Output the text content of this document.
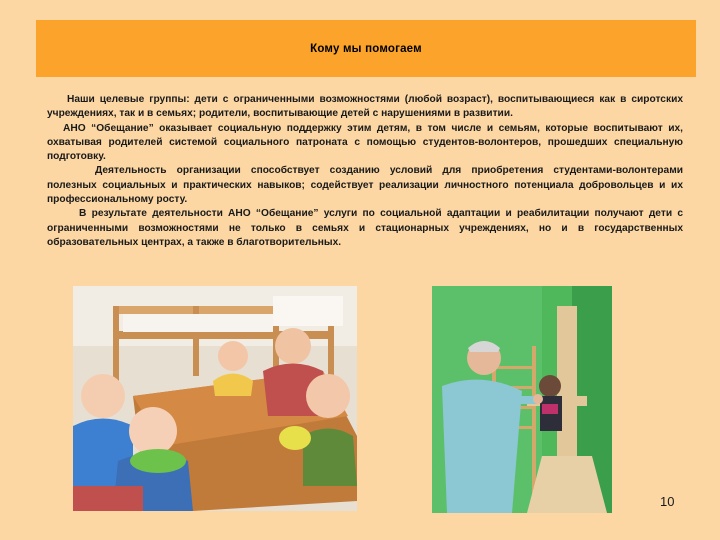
Кому мы помогаем

Наши целевые группы: дети с ограниченными возможностями (любой возраст), воспитывающиеся как в сиротских учреждениях, так и в семьях; родители, воспитывающие детей с нарушениями в развитии.

АНО “Обещание” оказывает социальную поддержку этим детям, в том числе и семьям, которые воспитывают их, охватывая родителей системой социального патроната с помощью студентов-волонтеров, прошедших специальную подготовку.

Деятельность организации способствует созданию условий для приобретения студентами-волонтерами полезных социальных и практических навыков; содействует реализации личностного потенциала добровольцев и их профессиональному росту.

В результате деятельности АНО “Обещание” услуги по социальной адаптации и реабилитации получают дети с ограниченными возможностями не только в семьях и стационарных учреждениях, но и в государственных образовательных центрах, а также в благотворительных.

10
